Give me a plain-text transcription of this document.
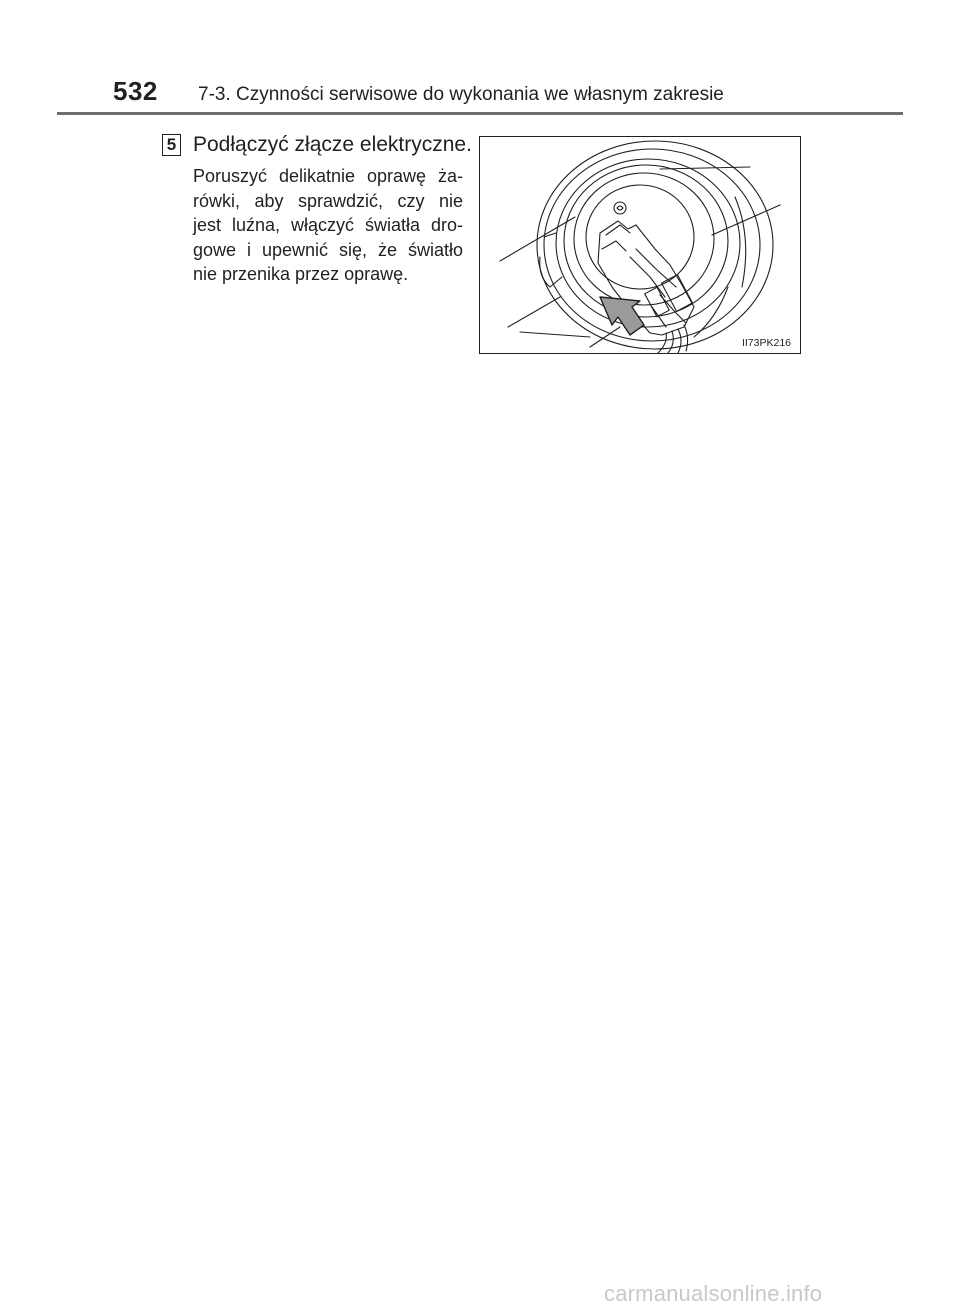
532 7-3. Czynności serwisowe do wykonania we własnym zakresie
5 Podłączyć złącze elektryczne.
Poruszyć delikatnie oprawę ża-
rówki, aby sprawdzić, czy nie
jest luźna, włączyć światła dro-
gowe i upewnić się, że światło
nie przenika przez oprawę.
II73PK216
carmanualsonline.info
